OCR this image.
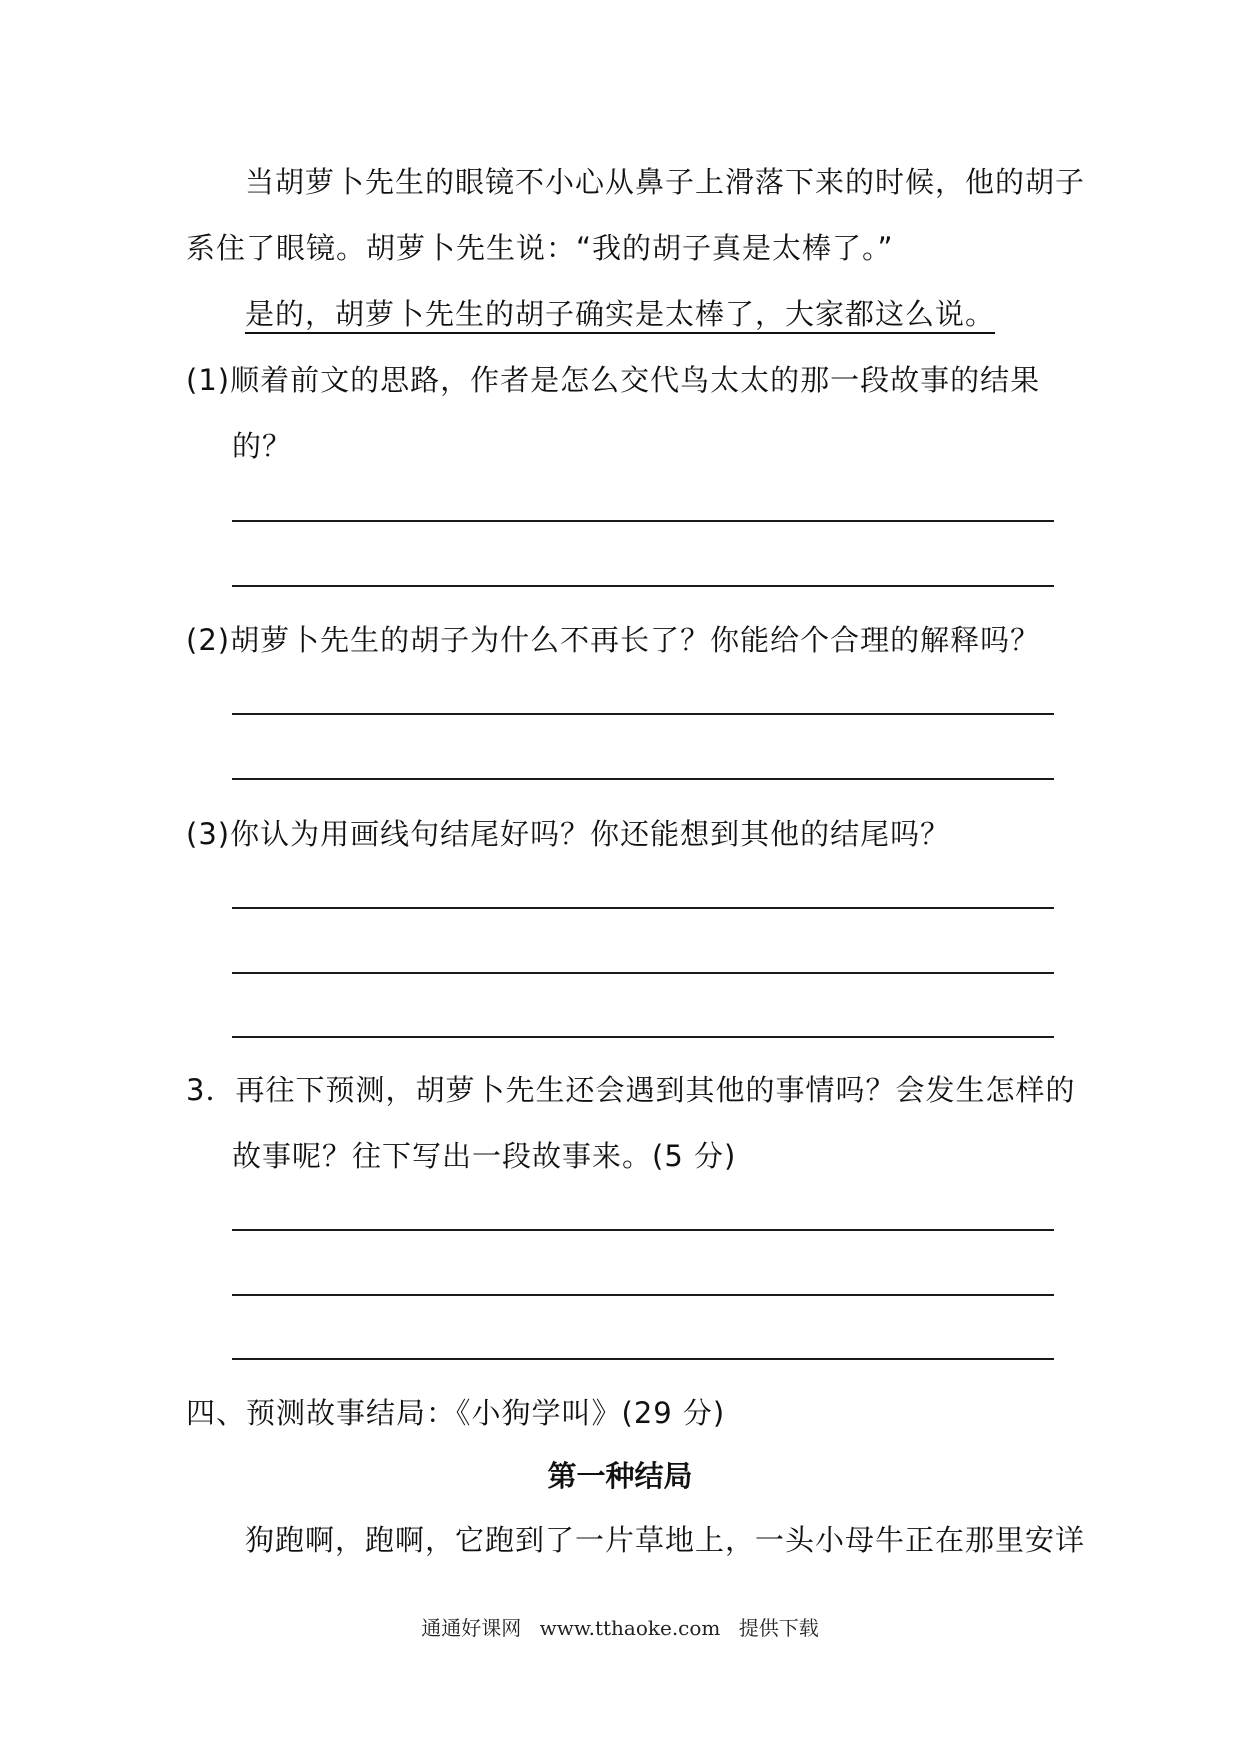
当胡萝卜先生的眼镜不小心从鼻子上滑落下来的时候，他的胡子
系住了眼镜。胡萝卜先生说：“我的胡子真是太棒了。”
是的，胡萝卜先生的胡子确实是太棒了，大家都这么说。
(1)顺着前文的思路，作者是怎么交代鸟太太的那一段故事的结果
的？
(2)胡萝卜先生的胡子为什么不再长了？你能给个合理的解释吗？
(3)你认为用画线句结尾好吗？你还能想到其他的结尾吗？
3．再往下预测，胡萝卜先生还会遇到其他的事情吗？会发生怎样的
故事呢？往下写出一段故事来。(5 分)
四、预测故事结局：《小狗学叫》(29 分)
第一种结局
狗跑啊，跑啊，它跑到了一片草地上，一头小母牛正在那里安详
通通好课网 www.tthaoke.com 提供下载
